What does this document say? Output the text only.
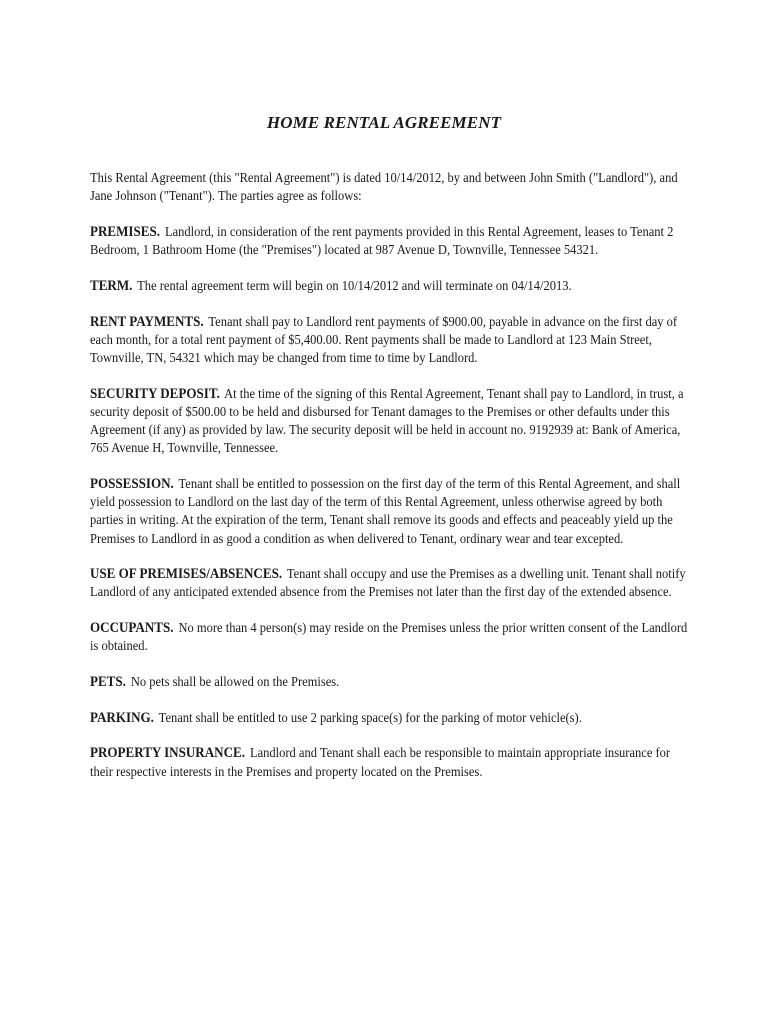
HOME RENTAL AGREEMENT

This Rental Agreement (this "Rental Agreement") is dated 10/14/2012, by and between John Smith ("Landlord"), and Jane Johnson ("Tenant"). The parties agree as follows:

PREMISES. Landlord, in consideration of the rent payments provided in this Rental Agreement, leases to Tenant 2 Bedroom, 1 Bathroom Home (the "Premises") located at 987 Avenue D, Townville, Tennessee 54321.

TERM. The rental agreement term will begin on 10/14/2012 and will terminate on 04/14/2013.

RENT PAYMENTS. Tenant shall pay to Landlord rent payments of $900.00, payable in advance on the first day of each month, for a total rent payment of $5,400.00. Rent payments shall be made to Landlord at 123 Main Street, Townville, TN, 54321 which may be changed from time to time by Landlord.

SECURITY DEPOSIT. At the time of the signing of this Rental Agreement, Tenant shall pay to Landlord, in trust, a security deposit of $500.00 to be held and disbursed for Tenant damages to the Premises or other defaults under this Agreement (if any) as provided by law. The security deposit will be held in account no. 9192939 at: Bank of America, 765 Avenue H, Townville, Tennessee.

POSSESSION. Tenant shall be entitled to possession on the first day of the term of this Rental Agreement, and shall yield possession to Landlord on the last day of the term of this Rental Agreement, unless otherwise agreed by both parties in writing. At the expiration of the term, Tenant shall remove its goods and effects and peaceably yield up the Premises to Landlord in as good a condition as when delivered to Tenant, ordinary wear and tear excepted.

USE OF PREMISES/ABSENCES. Tenant shall occupy and use the Premises as a dwelling unit. Tenant shall notify Landlord of any anticipated extended absence from the Premises not later than the first day of the extended absence.

OCCUPANTS. No more than 4 person(s) may reside on the Premises unless the prior written consent of the Landlord is obtained.

PETS. No pets shall be allowed on the Premises.

PARKING. Tenant shall be entitled to use 2 parking space(s) for the parking of motor vehicle(s).

PROPERTY INSURANCE. Landlord and Tenant shall each be responsible to maintain appropriate insurance for their respective interests in the Premises and property located on the Premises.
